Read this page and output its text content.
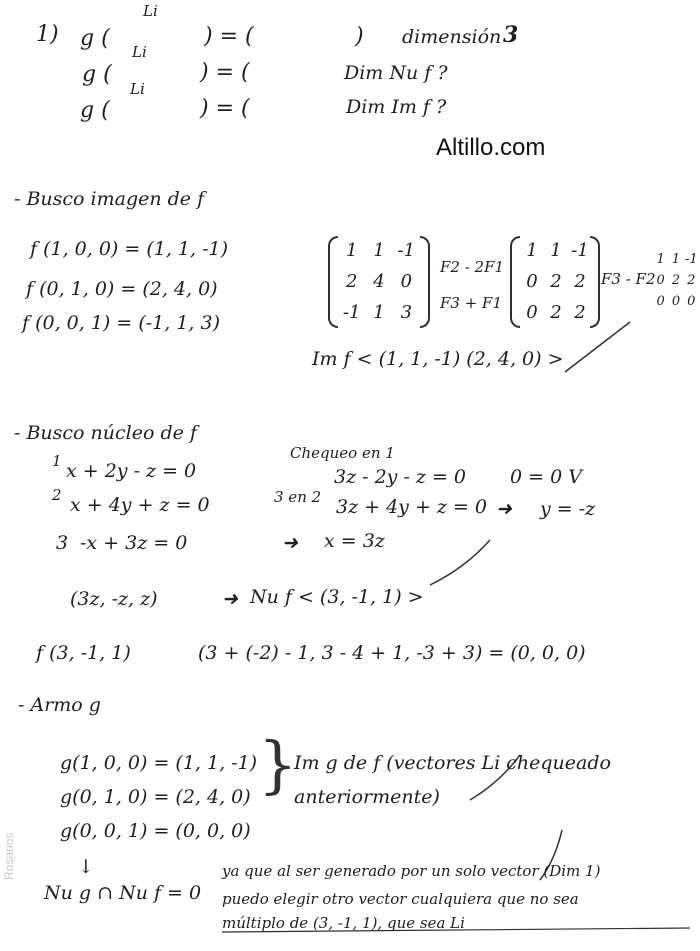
Rosarios
1) g (
Li
) = (	) dimensión 3
g (
Li
) = (	Dim Nu f ?
g (
Li
) = (	Dim Im f ?
Altillo.com
- Busco imagen de f
f (1, 0, 0) = (1, 1, -1)
f (0, 1, 0) = (2, 4, 0)
f (0, 0, 1) = (-1, 1, 3)
1 1 -1
2 4 0
-1 1 3
F2 - 2F1
F3 + F1
1 1 -1
0 2 2
0 2 2
F3 - F2
1 1 -1
0 2 2
0 0 0
Im f < (1, 1, -1) (2, 4, 0) >
- Busco núcleo de f
1 x + 2y - z = 0
2 x + 4y + z = 0
3 -x + 3z = 0
Chequeo en 1
3z - 2y - z = 0 0 = 0 V
3 en 2 3z + 4y + z = 0 ➜ y = -z
➜ x = 3z
(3z, -z, z)	➜ Nu f < (3, -1, 1) >
f (3, -1, 1)	(3 + (-2) - 1, 3 - 4 + 1, -3 + 3) = (0, 0, 0)
- Armo g
g(1, 0, 0) = (1, 1, -1)
g(0, 1, 0) = (2, 4, 0)
g(0, 0, 1) = (0, 0, 0)
}
Im g de f (vectores Li chequeado
anteriormente)
↓
Nu g ∩ Nu f = 0
ya que al ser generado por un solo vector (Dim 1)
puedo elegir otro vector cualquiera que no sea
múltiplo de (3, -1, 1), que sea Li
